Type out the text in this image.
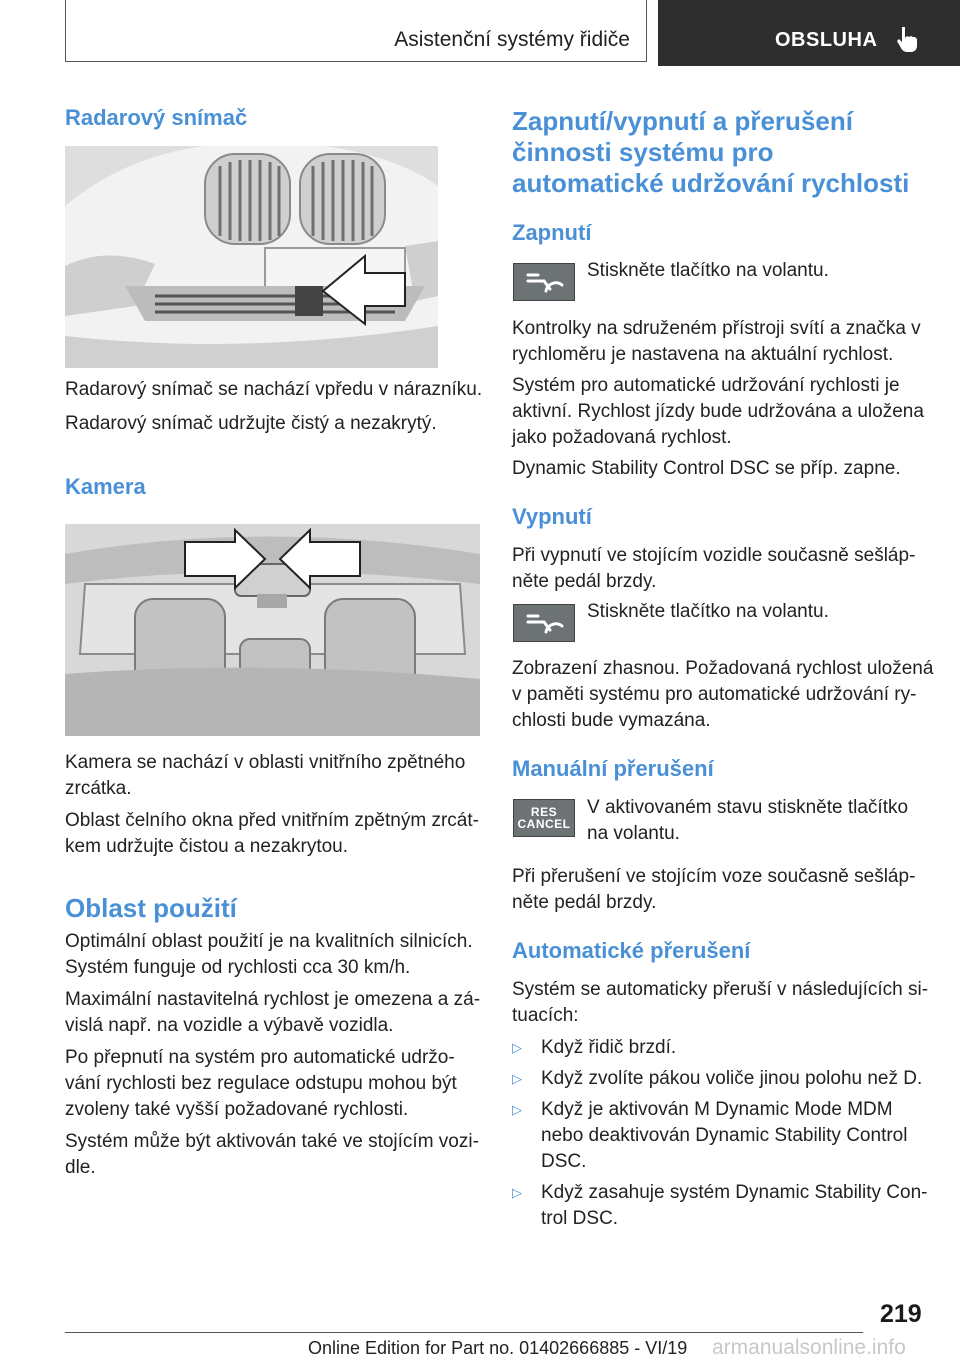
Asistenční systémy řidiče	OBSLUHA
Radarový snímač

Radarový snímač se nachází vpředu v nárazníku.

Radarový snímač udržujte čistý a nezakrytý.

Kamera

Kamera se nachází v oblasti vnitřního zpětného

zrcátka.

Oblast čelního okna před vnitřním zpětným zrcát-

kem udržujte čistou a nezakrytou.

Oblast použití

Optimální oblast použití je na kvalitních silnicích.

Systém funguje od rychlosti cca 30 km/h.

Maximální nastavitelná rychlost je omezena a zá-

vislá např. na vozidle a výbavě vozidla.

Po přepnutí na systém pro automatické udržo-

vání rychlosti bez regulace odstupu mohou být

zvoleny také vyšší požadované rychlosti.

Systém může být aktivován také ve stojícím vozi-

dle.

Zapnutí/vypnutí a přerušení
činnosti systému pro
automatické udržování rychlosti
Zapnutí

Stiskněte tlačítko na volantu.

Kontrolky na sdruženém přístroji svítí a značka v

rychloměru je nastavena na aktuální rychlost.

Systém pro automatické udržování rychlosti je

aktivní. Rychlost jízdy bude udržována a uložena

jako požadovaná rychlost.

Dynamic Stability Control DSC se příp. zapne.

Vypnutí

Při vypnutí ve stojícím vozidle současně sešláp-

něte pedál brzdy.

Stiskněte tlačítko na volantu.

Zobrazení zhasnou. Požadovaná rychlost uložená

v paměti systému pro automatické udržování ry-

chlosti bude vymazána.

Manuální přerušení
RES
CANCEL

V aktivovaném stavu stiskněte tlačítko

na volantu.

Při přerušení ve stojícím voze současně sešláp-

něte pedál brzdy.

Automatické přerušení

Systém se automaticky přeruší v následujících si-

tuacích:

▷ Když řidič brzdí.

▷ Když zvolíte pákou voliče jinou polohu než D.

▷ Když je aktivován M Dynamic Mode MDM

nebo deaktivován Dynamic Stability Control

DSC.

▷ Když zasahuje systém Dynamic Stability Con-

trol DSC.

219
armanualsonline.info
Online Edition for Part no. 01402666885 - VI/19
